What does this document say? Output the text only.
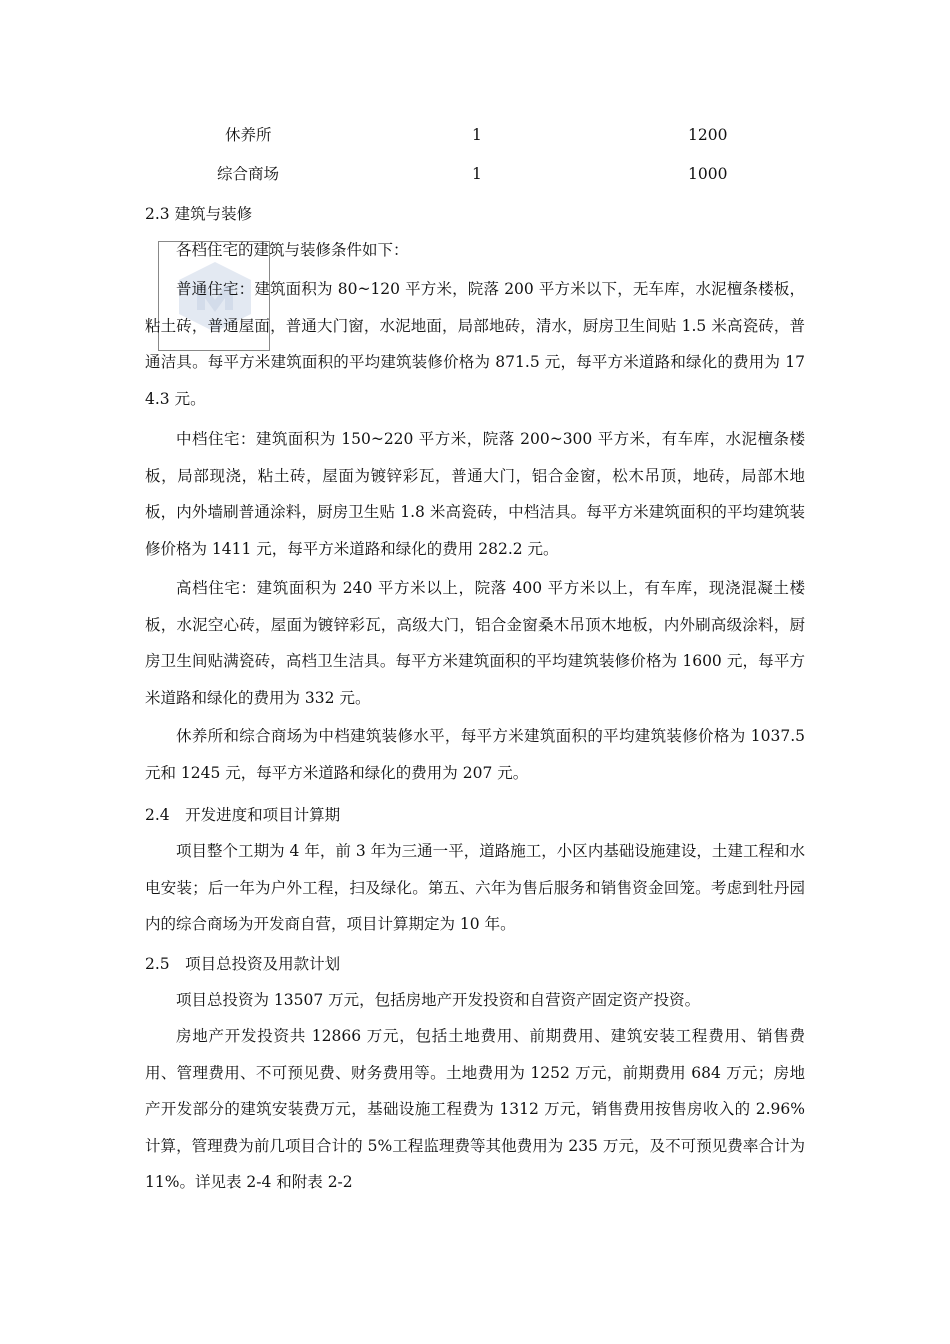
休养所	1	1200
综合商场	1	1000
2.3 建筑与装修

各档住宅的建筑与装修条件如下：

普通住宅：建筑面积为 80~120 平方米，院落 200 平方米以下，无车库，水泥檀条楼板，粘土砖，普通屋面，普通大门窗，水泥地面，局部地砖，清水，厨房卫生间贴 1.5 米高瓷砖，普通洁具。每平方米建筑面积的平均建筑装修价格为 871.5 元，每平方米道路和绿化的费用为 174.3 元。

中档住宅：建筑面积为 150~220 平方米，院落 200~300 平方米，有车库，水泥檀条楼板，局部现浇，粘土砖，屋面为镀锌彩瓦，普通大门，铝合金窗，松木吊顶，地砖，局部木地板，内外墙刷普通涂料，厨房卫生贴 1.8 米高瓷砖，中档洁具。每平方米建筑面积的平均建筑装修价格为 1411 元，每平方米道路和绿化的费用 282.2 元。

高档住宅：建筑面积为 240 平方米以上，院落 400 平方米以上，有车库，现浇混凝土楼板，水泥空心砖，屋面为镀锌彩瓦，高级大门，铝合金窗桑木吊顶木地板，内外刷高级涂料，厨房卫生间贴满瓷砖，高档卫生洁具。每平方米建筑面积的平均建筑装修价格为 1600 元，每平方米道路和绿化的费用为 332 元。

休养所和综合商场为中档建筑装修水平，每平方米建筑面积的平均建筑装修价格为 1037.5 元和 1245 元，每平方米道路和绿化的费用为 207 元。

2.4　开发进度和项目计算期

项目整个工期为 4 年，前 3 年为三通一平，道路施工，小区内基础设施建设，土建工程和水电安装；后一年为户外工程，扫及绿化。第五、六年为售后服务和销售资金回笼。考虑到牡丹园内的综合商场为开发商自营，项目计算期定为 10 年。

2.5　项目总投资及用款计划

项目总投资为 13507 万元，包括房地产开发投资和自营资产固定资产投资。

房地产开发投资共 12866 万元，包括土地费用、前期费用、建筑安装工程费用、销售费用、管理费用、不可预见费、财务费用等。土地费用为 1252 万元，前期费用 684 万元；房地产开发部分的建筑安装费万元，基础设施工程费为 1312 万元，销售费用按售房收入的 2.96%计算，管理费为前几项目合计的 5%工程监理费等其他费用为 235 万元，及不可预见费率合计为 11%。详见表 2-4 和附表 2-2
